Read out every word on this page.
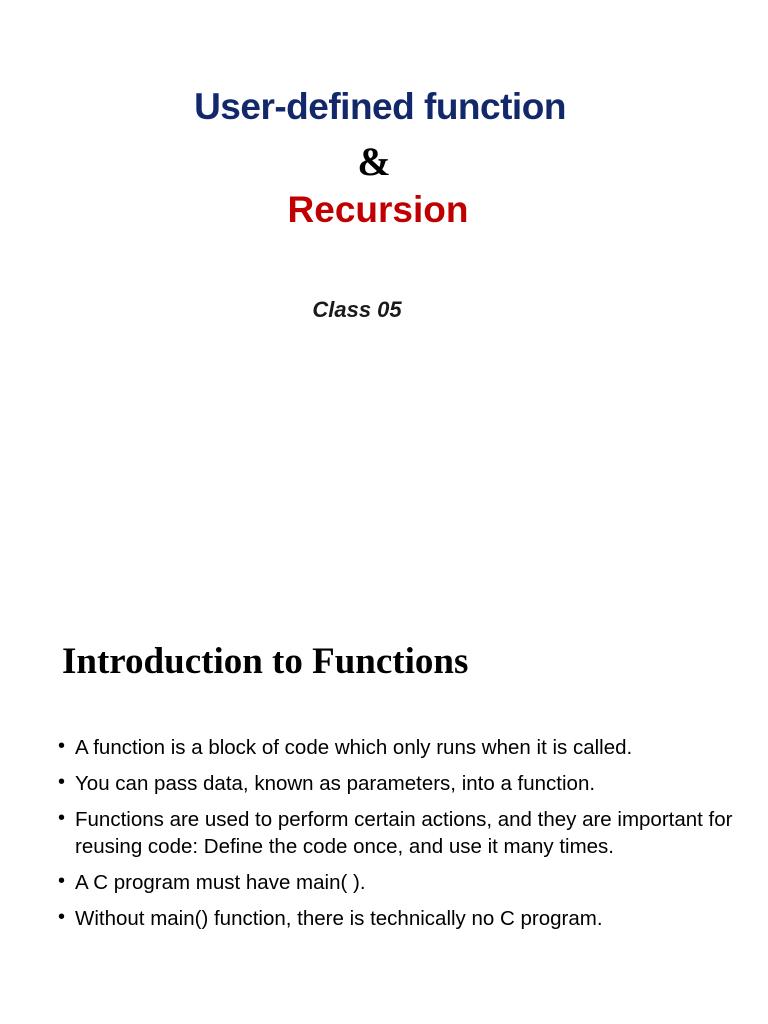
User-defined function
&
Recursion
Class 05
Introduction to Functions
• A function is a block of code which only runs when it is called.
• You can pass data, known as parameters, into a function.
• Functions are used to perform certain actions, and they are important for reusing code: Define the code once, and use it many times.
• A C program must have main( ).
• Without main() function, there is technically no C program.
